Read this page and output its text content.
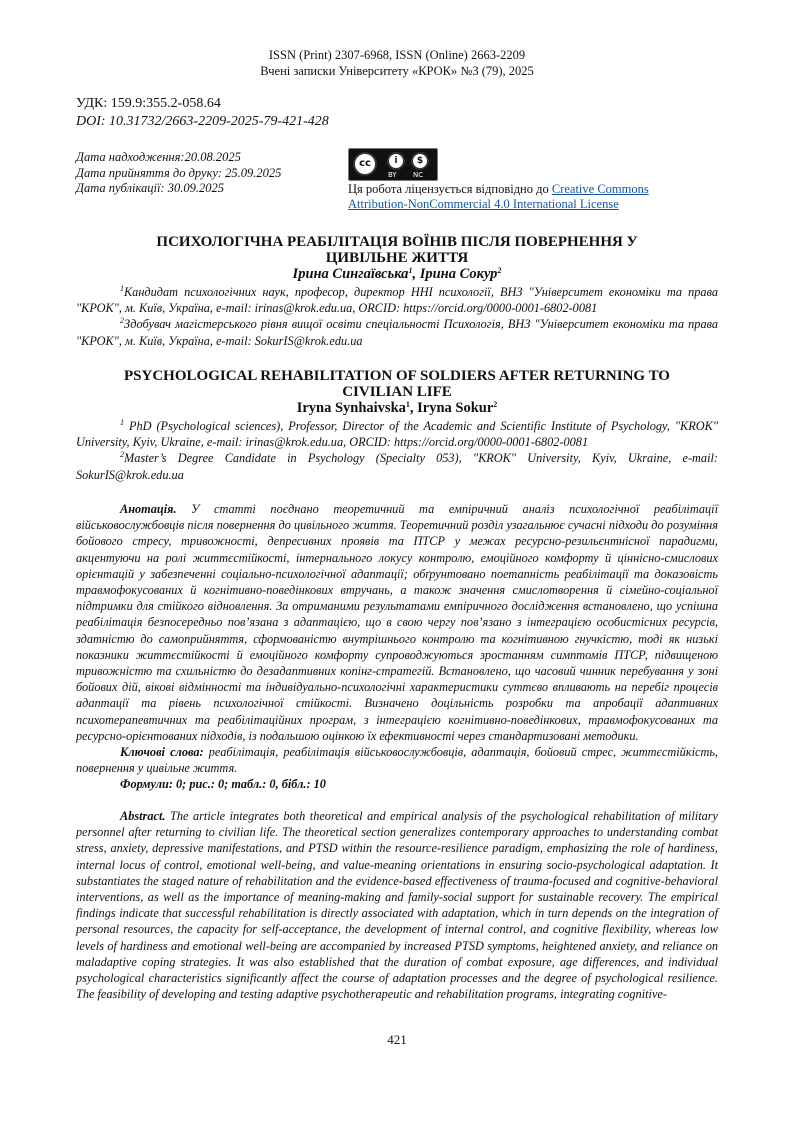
ISSN (Print) 2307-6968, ISSN (Online) 2663-2209
Вчені записки Університету «КРОК» №3 (79), 2025
УДК: 159.9:355.2-058.64
DOI: 10.31732/2663-2209-2025-79-421-428
Дата надходження:20.08.2025
Дата прийняття до друку: 25.09.2025
Дата публікації: 30.09.2025
cc	i	$
BY NC
Ця робота ліцензується відповідно до Creative Commons
Attribution-NonCommercial 4.0 International License
ПСИХОЛОГІЧНА РЕАБІЛІТАЦІЯ ВОЇНІВ ПІСЛЯ ПОВЕРНЕННЯ У
ЦИВІЛЬНЕ ЖИТТЯ
Ірина Сингаївська$^1$, Ірина Сокур$^2$

$^1$Кандидат психологічних наук, професор, директор ННІ психології, ВНЗ "Університет економіки та права "КРОК", м. Київ, Україна, e-mail: irinas@krok.edu.ua, ORCID: https://orcid.org/0000-0001-6802-0081

$^2$Здобувач магістерського рівня вищої освіти спеціальності Психологія, ВНЗ "Університет економіки та права "КРОК", м. Київ, Україна, e-mail: SokurIS@krok.edu.ua

PSYCHOLOGICAL REHABILITATION OF SOLDIERS AFTER RETURNING TO
CIVILIAN LIFE
Iryna Synhaivska$^1$, Iryna Sokur$^2$

$^1$ PhD (Psychological sciences), Professor, Director of the Academic and Scientific Institute of Psychology, "KROK" University, Kyiv, Ukraine, e-mail: irinas@krok.edu.ua, ORCID: https://orcid.org/0000-0001-6802-0081

$^2$Master’s Degree Candidate in Psychology (Specialty 053), "KROK" University, Kyiv, Ukraine, e-mail: SokurIS@krok.edu.ua

Анотація. У статті поєднано теоретичний та емпіричний аналіз психологічної реабілітації військовослужбовців після повернення до цивільного життя. Теоретичний розділ узагальнює сучасні підходи до розуміння бойового стресу, тривожності, депресивних проявів та ПТСР у межах ресурсно-резильєнтнісної парадигми, акцентуючи на ролі життєстійкості, інтернального локусу контролю, емоційного комфорту й ціннісно-смислових орієнтацій у забезпеченні соціально-психологічної адаптації; обґрунтовано поетапність реабілітації та доказовість травмофокусованих й когнітивно-поведінкових втручань, а також значення смислотворення й сімейно-соціальної підтримки для стійкого відновлення. За отриманими результатами емпіричного дослідження встановлено, що успішна реабілітація безпосередньо пов’язана з адаптацією, що в свою чергу пов’язано з інтеграцією особистісних ресурсів, здатністю до самоприйняття, сформованістю внутрішнього контролю та когнітивною гнучкістю, тоді як низькі показники життєстійкості й емоційного комфорту супроводжуються зростанням симптомів ПТСР, підвищеною тривожністю та схильністю до дезадаптивних копінг-стратегій. Встановлено, що часовий чинник перебування у зоні бойових дій, вікові відмінності та індивідуально-психологічні характеристики суттєво впливають на перебіг процесів адаптації та рівень психологічної стійкості. Визначено доцільність розробки та апробації адаптивних психотерапевтичних та реабілітаційних програм, з інтеграцією когнітивно-поведінкових, травмофокусованих та ресурсно-орієнтованих підходів, із подальшою оцінкою їх ефективності через стандартизовані методики.

Ключові слова: реабілітація, реабілітація військовослужбовців, адаптація, бойовий стрес, життєстійкість, повернення у цивільне життя.

Формули: 0; рис.: 0; табл.: 0, бібл.: 10

Abstract. The article integrates both theoretical and empirical analysis of the psychological rehabilitation of military personnel after returning to civilian life. The theoretical section generalizes contemporary approaches to understanding combat stress, anxiety, depressive manifestations, and PTSD within the resource-resilience paradigm, emphasizing the role of hardiness, internal locus of control, emotional well-being, and value-meaning orientations in ensuring socio-psychological adaptation. It substantiates the staged nature of rehabilitation and the evidence-based effectiveness of trauma-focused and cognitive-behavioral interventions, as well as the importance of meaning-making and family-social support for sustainable recovery. The empirical findings indicate that successful rehabilitation is directly associated with adaptation, which in turn depends on the integration of personal resources, the capacity for self-acceptance, the development of internal control, and cognitive flexibility, whereas low levels of hardiness and emotional well-being are accompanied by increased PTSD symptoms, heightened anxiety, and reliance on maladaptive coping strategies. It was also established that the duration of combat exposure, age differences, and individual psychological characteristics significantly affect the course of adaptation processes and the degree of psychological resilience. The feasibility of developing and testing adaptive psychotherapeutic and rehabilitation programs, integrating cognitive-

421
